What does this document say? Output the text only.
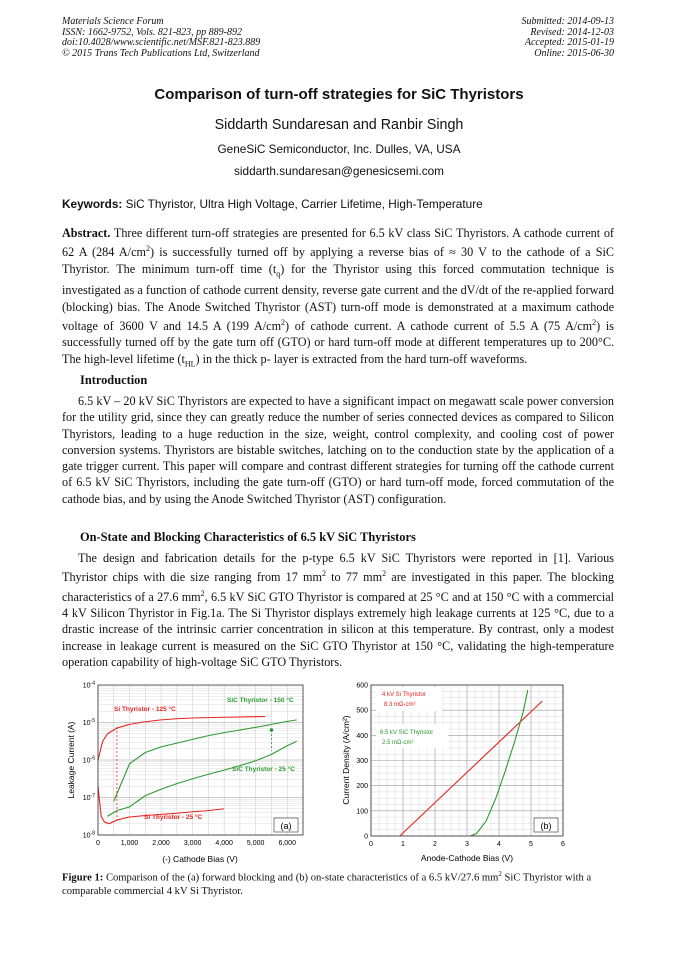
Materials Science Forum
ISSN: 1662-9752, Vols. 821-823, pp 889-892
doi:10.4028/www.scientific.net/MSF.821-823.889
© 2015 Trans Tech Publications Ltd, Switzerland
Submitted: 2014-09-13
Revised: 2014-12-03
Accepted: 2015-01-19
Online: 2015-06-30
Comparison of turn-off strategies for SiC Thyristors
Siddarth Sundaresan and Ranbir Singh
GeneSiC Semiconductor, Inc. Dulles, VA, USA
siddarth.sundaresan@genesicsemi.com
Keywords: SiC Thyristor, Ultra High Voltage, Carrier Lifetime, High-Temperature
Abstract. Three different turn-off strategies are presented for 6.5 kV class SiC Thyristors. A cathode current of 62 A (284 $A/cm^2$) is successfully turned off by applying a reverse bias of ≈ 30 V to the cathode of a SiC Thyristor. The minimum turn-off time $(t_q)$ for the Thyristor using this forced commutation technique is investigated as a function of cathode current density, reverse gate current and the dV/dt of the re-applied forward (blocking) bias. The Anode Switched Thyristor (AST) turn-off mode is demonstrated at a maximum cathode voltage of 3600 V and 14.5 A (199 $A/cm^2$) of cathode current. A cathode current of 5.5 A (75 $A/cm^2$) is successfully turned off by the gate turn off (GTO) or hard turn-off mode at different temperatures up to 200°C. The high-level lifetime $(t_{HL})$ in the thick p- layer is extracted from the hard turn-off waveforms.
Introduction

6.5 kV – 20 kV SiC Thyristors are expected to have a significant impact on megawatt scale power conversion for the utility grid, since they can greatly reduce the number of series connected devices as compared to Silicon Thyristors, leading to a huge reduction in the size, weight, control complexity, and cooling cost of power conversion systems. Thyristors are bistable switches, latching on to the conduction state by the application of a gate trigger current. This paper will compare and contrast different strategies for turning off the cathode current of 6.5 kV SiC Thyristors, including the gate turn-off (GTO) or hard turn-off mode, forced commutation of the cathode bias, and by using the Anode Switched Thyristor (AST) configuration.

On-State and Blocking Characteristics of 6.5 kV SiC Thyristors

The design and fabrication details for the p-type 6.5 kV SiC Thyristors were reported in [1]. Various Thyristor chips with die size ranging from 17 $mm^2$ to 77 $mm^2$ are investigated in this paper. The blocking characteristics of a 27.6 $mm^2$, 6.5 kV SiC GTO Thyristor is compared at 25 °C and at 150 °C with a commercial 4 kV Silicon Thyristor in Fig.1a. The Si Thyristor displays extremely high leakage currents at 125 °C, due to a drastic increase of the intrinsic carrier concentration in silicon at this temperature. By contrast, only a modest increase in leakage current is measured on the SiC GTO Thyristor at 150 °C, validating the high-temperature operation capability of high-voltage SiC GTO Thyristors.

0	1,000 2,000 3,000 4,000 5,000 6,000
$10^{-8}$
$10^{-7}$
$10^{-6}$
$10^{-5}$
$10^{-4}$
Leakage Current (A)
(-) Cathode Bias (V)
Si Thyristor - 125 °C
SiC Thyristor - 150 °C
SiC Thyristor - 25 °C
Si Thyristor - 25 °C
(a)
0	1	2	3	4	5	6
0
100
200
300
400
500
600
Current Density (A/cm²)
Anode-Cathode Bias (V)
4 kV Si Thyristor
8.3 mΩ-cm²
6.5 kV SiC Thyristor
2.5 mΩ-cm²
(b)
Figure 1: Comparison of the (a) forward blocking and (b) on-state characteristics of a 6.5 kV/27.6 $mm^2$ SiC Thyristor with a comparable commercial 4 kV Si Thyristor.
